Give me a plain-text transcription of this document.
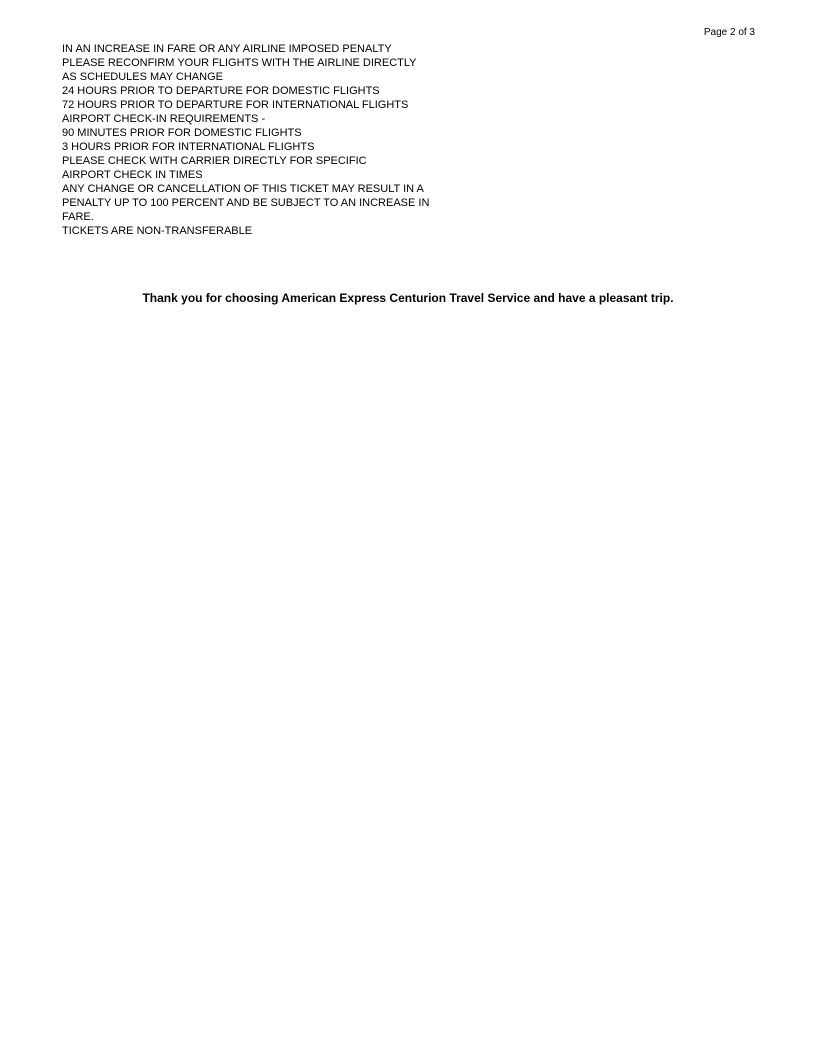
Page 2 of 3
IN AN INCREASE IN FARE OR ANY AIRLINE IMPOSED PENALTY
PLEASE RECONFIRM YOUR FLIGHTS WITH THE AIRLINE DIRECTLY
AS SCHEDULES MAY CHANGE
24 HOURS PRIOR TO DEPARTURE FOR DOMESTIC FLIGHTS
72 HOURS PRIOR TO DEPARTURE FOR INTERNATIONAL FLIGHTS
AIRPORT CHECK-IN REQUIREMENTS -
90 MINUTES PRIOR FOR DOMESTIC FLIGHTS
3 HOURS PRIOR FOR INTERNATIONAL FLIGHTS
PLEASE CHECK WITH CARRIER DIRECTLY FOR SPECIFIC
AIRPORT CHECK IN TIMES
ANY CHANGE OR CANCELLATION OF THIS TICKET MAY RESULT IN A
PENALTY UP TO 100 PERCENT AND BE SUBJECT TO AN INCREASE IN
FARE.
TICKETS ARE NON-TRANSFERABLE
Thank you for choosing American Express Centurion Travel Service and have a pleasant trip.
